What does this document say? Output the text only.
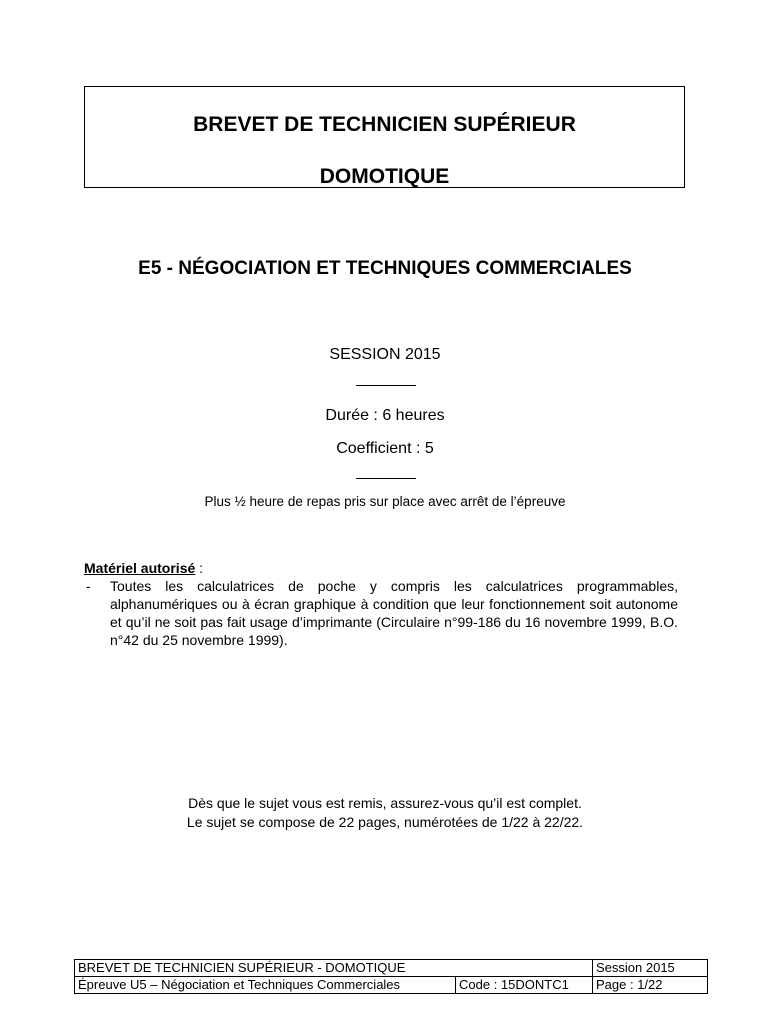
BREVET DE TECHNICIEN SUPÉRIEUR
DOMOTIQUE
E5 - NÉGOCIATION ET TECHNIQUES COMMERCIALES
SESSION 2015
Durée : 6 heures
Coefficient : 5
Plus ½ heure de repas pris sur place avec arrêt de l’épreuve
Matériel autorisé :
- Toutes les calculatrices de poche y compris les calculatrices programmables, alphanumériques ou à écran graphique à condition que leur fonctionnement soit autonome et qu’il ne soit pas fait usage d’imprimante (Circulaire n°99-186 du 16 novembre 1999, B.O. n°42 du 25 novembre 1999).
Dès que le sujet vous est remis, assurez-vous qu’il est complet.
Le sujet se compose de 22 pages, numérotées de 1/22 à 22/22.
BREVET DE TECHNICIEN SUPÉRIEUR - DOMOTIQUE		Session 2015
Épreuve U5 – Négociation et Techniques Commerciales	Code : 15DONTC1	Page : 1/22
